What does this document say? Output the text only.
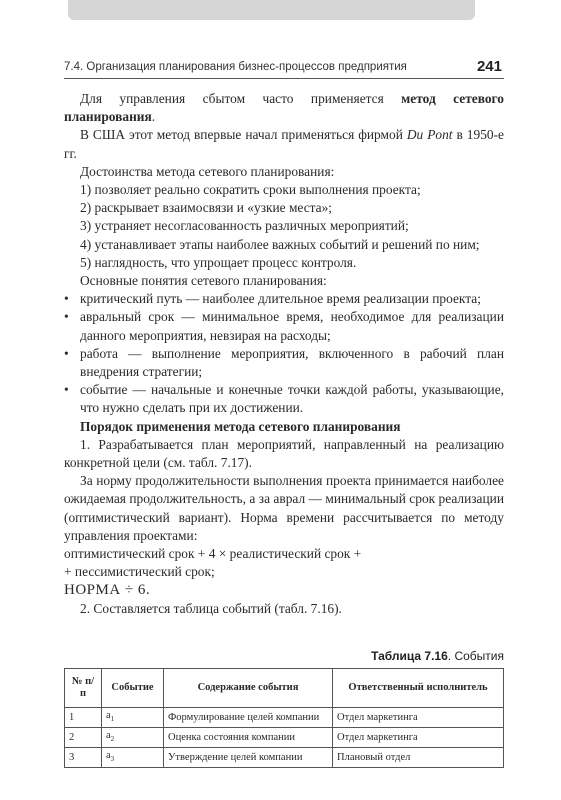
7.4. Организация планирования бизнес-процессов предприятия	241

Для управления сбытом часто применяется метод сетевого планирования.

В США этот метод впервые начал применяться фирмой Du Pont в 1950-е гг.

Достоинства метода сетевого планирования:

1) позволяет реально сократить сроки выполнения проекта;

2) раскрывает взаимосвязи и «узкие места»;

3) устраняет несогласованность различных мероприятий;

4) устанавливает этапы наиболее важных событий и решений по ним;

5) наглядность, что упрощает процесс контроля.

Основные понятия сетевого планирования:

• критический путь — наиболее длительное время реализации проекта;
• авральный срок — минимальное время, необходимое для реализации данного мероприятия, невзирая на расходы;
• работа — выполнение мероприятия, включенного в рабочий план внедрения стратегии;
• событие — начальные и конечные точки каждой работы, указывающие, что нужно сделать при их достижении.

Порядок применения метода сетевого планирования

1. Разрабатывается план мероприятий, направленный на реализацию конкретной цели (см. табл. 7.17).

За норму продолжительности выполнения проекта принимается наиболее ожидаемая продолжительность, а за аврал — минимальный срок реализации (оптимистический вариант). Норма времени рассчитывается по методу управления проектами:

оптимистический срок + 4 × реалистический срок +

+ пессимистический срок;

НОРМА ÷ 6.

2. Составляется таблица событий (табл. 7.16).

Таблица 7.16. События
№ п/п	Событие	Содержание события	Ответственный исполнитель
1	$a_1$	Формулирование целей компании	Отдел маркетинга
2	$a_2$	Оценка состояния компании	Отдел маркетинга
3	$a_3$	Утверждение целей компании	Плановый отдел
